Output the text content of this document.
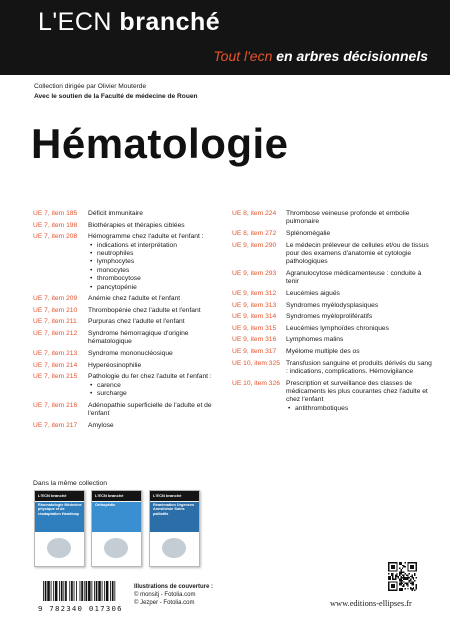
L'ECN branché
Tout l'ecn en arbres décisionnels
Collection dirigée par Olivier Mouterde
Avec le soutien de la Faculté de médecine de Rouen
Hématologie
UE 7, item 185	Déficit immunitaire
UE 7, item 198	Biothérapies et thérapies ciblées
UE 7, item 208	Hémogramme chez l'adulte et l'enfant :
• indications et interprétation
• neutrophiles
• lymphocytes
• monocytes
• thrombocytose
• pancytopénie
UE 7, item 209	Anémie chez l'adulte et l'enfant
UE 7, item 210	Thrombopénie chez l'adulte et l'enfant
UE 7, item 211	Purpuras chez l'adulte et l'enfant
UE 7, item 212	Syndrome hémorragique d'origine hématologique
UE 7, item 213	Syndrome mononucléosique
UE 7, item 214	Hyperéosinophilie
UE 7, item 215	Pathologie du fer chez l'adulte et l'enfant :
• carence
• surcharge
UE 7, item 216	Adénopathie superficielle de l'adulte et de l'enfant
UE 7, item 217	Amylose
UE 8, item 224	Thrombose veineuse profonde et embolie pulmonaire
UE 8, item 272	Splénomégalie
UE 9, item 290	Le médecin préleveur de cellules et/ou de tissus pour des examens d'anatomie et cytologie pathologiques
UE 9, item 293	Agranulocytose médicamenteuse : conduite à tenir
UE 9, item 312	Leucémies aiguës
UE 9, item 313	Syndromes myélodysplasiques
UE 9, item 314	Syndromes myéloprolifératifs
UE 9, item 315	Leucémies lymphoïdes chroniques
UE 9, item 316	Lymphomes malins
UE 9, item 317	Myélome multiple des os
UE 10, item 325 Transfusion sanguine et produits dérivés du sang : indications, complications. Hémovigilance
UE 10, item 326 Prescription et surveillance des classes de médicaments les plus courantes chez l'adulte et chez l'enfant
• antithrombotiques
Dans la même collection
L'ECN branché
Rhumatologie Médecine physique et de réadaptation Handicap
L'ECN branché
Orthopédie
L'ECN branché
Réanimation Urgences Anesthésie Soins palliatifs
9 782340 017306
Illustrations de couverture :
© monsitj - Fotolia.com
© Jezper - Fotolia.com	www.editions-ellipses.fr
